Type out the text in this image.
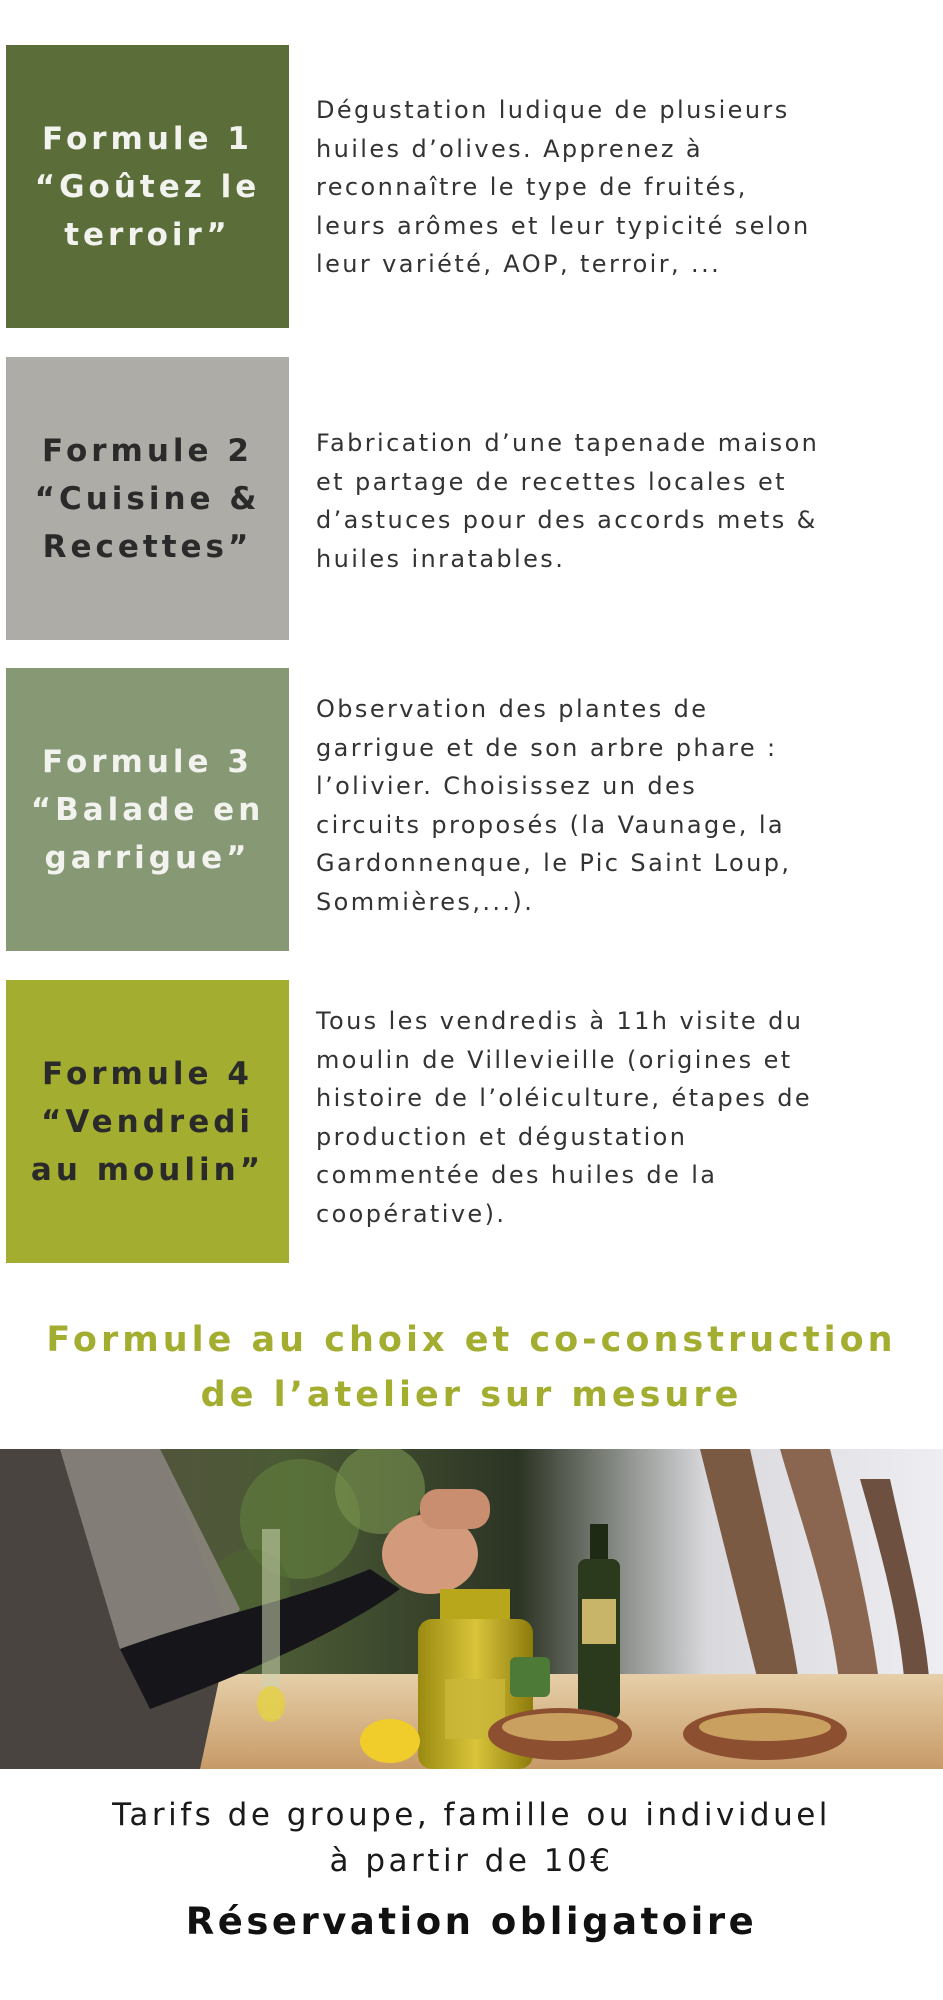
Formule 1
“Goûtez le
terroir”
Dégustation ludique de plusieurs
huiles d’olives. Apprenez à
reconnaître le type de fruités,
leurs arômes et leur typicité selon
leur variété, AOP, terroir, ...
Formule 2
“Cuisine &
Recettes”
Fabrication d’une tapenade maison
et partage de recettes locales et
d’astuces pour des accords mets &
huiles inratables.
Formule 3
“Balade en
garrigue”
Observation des plantes de
garrigue et de son arbre phare :
l’olivier. Choisissez un des
circuits proposés (la Vaunage, la
Gardonnenque, le Pic Saint Loup,
Sommières,...).
Formule 4
“Vendredi
au moulin”
Tous les vendredis à 11h visite du
moulin de Villevieille (origines et
histoire de l’oléiculture, étapes de
production et dégustation
commentée des huiles de la
coopérative).
Formule au choix et co-construction
de l’atelier sur mesure
Tarifs de groupe, famille ou individuel
à partir de 10€
Réservation obligatoire
